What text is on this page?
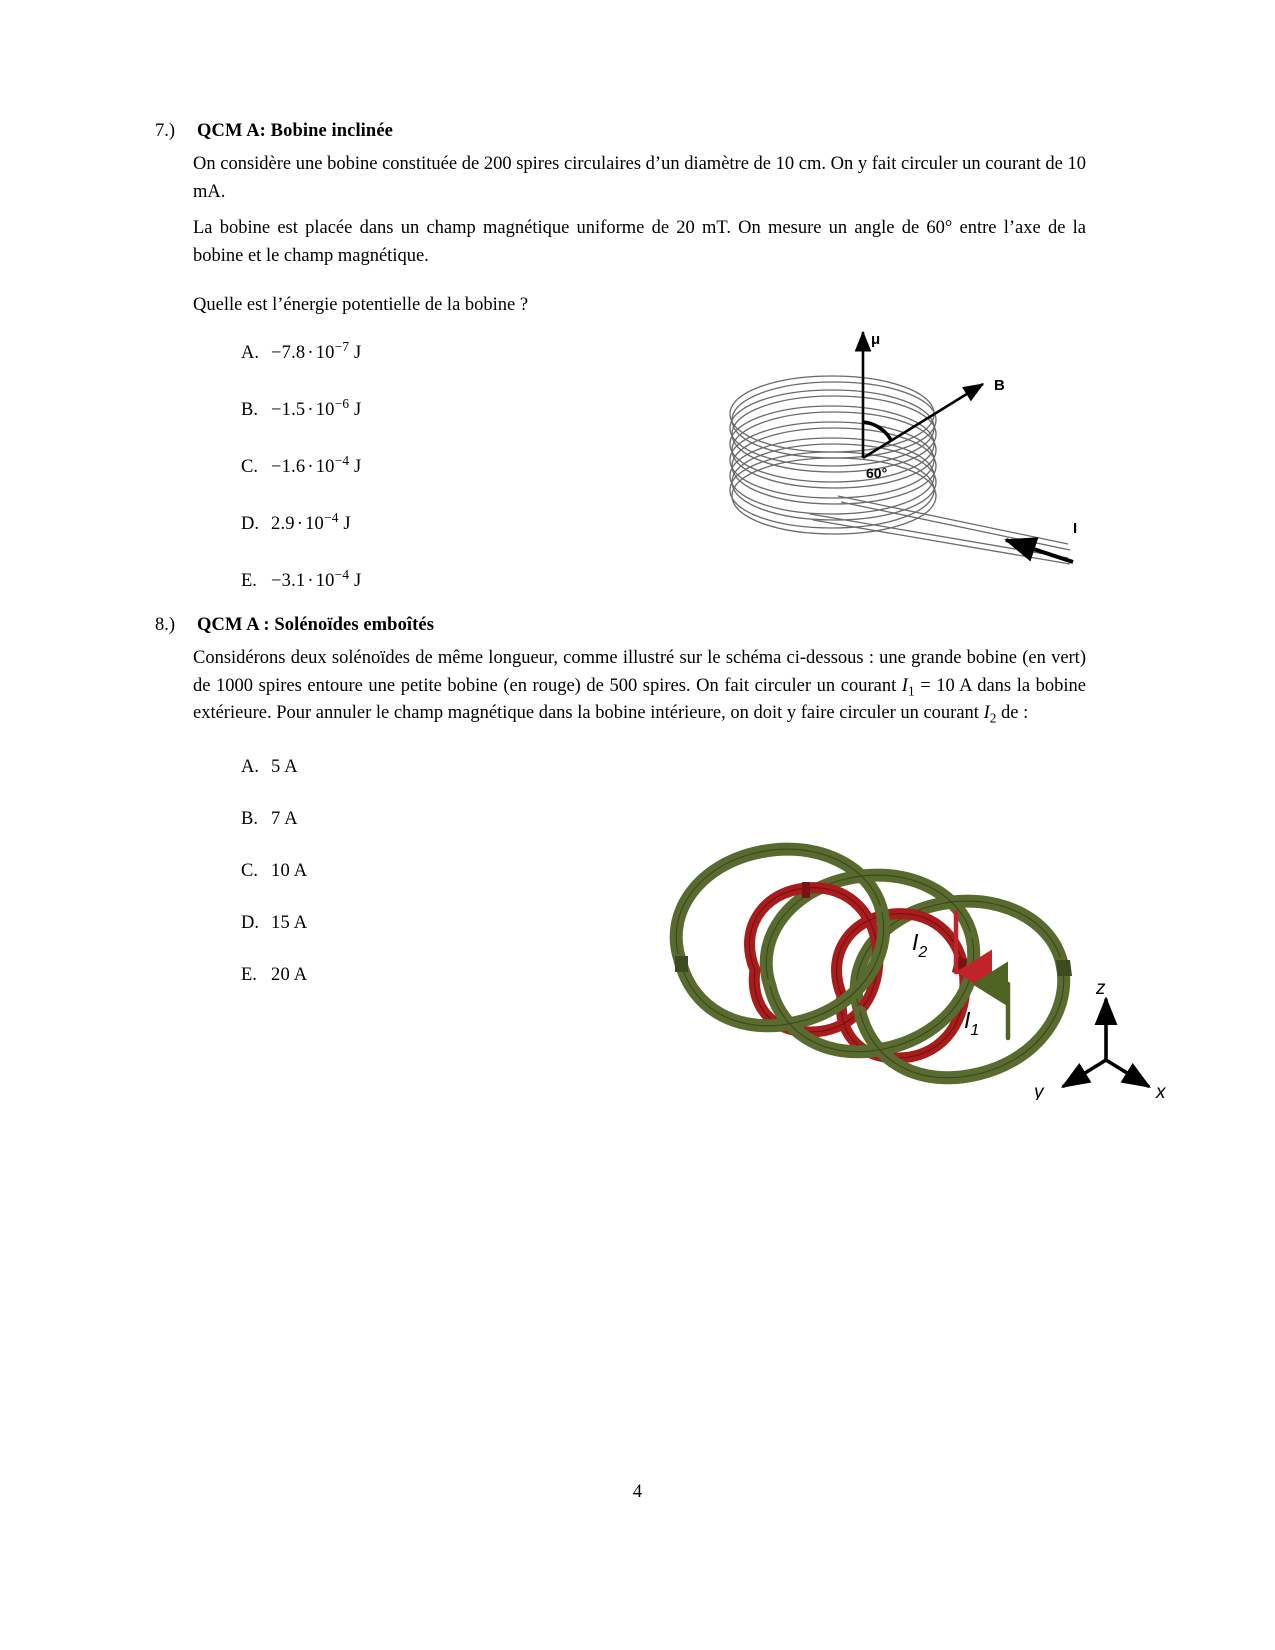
7.)	QCM A: Bobine inclinée

On considère une bobine constituée de 200 spires circulaires d’un diamètre de 10 cm. On y fait circuler un courant de 10 mA.

La bobine est placée dans un champ magnétique uniforme de 20 mT. On mesure un angle de 60° entre l’axe de la bobine et le champ magnétique.

Quelle est l’énergie potentielle de la bobine ?

A. $-7.8 \cdot 10^{-7}$ J
B. $-1.5 \cdot 10^{-6}$ J
C. $-1.6 \cdot 10^{-4}$ J
D. $2.9 \cdot 10^{-4}$ J
E. $-3.1 \cdot 10^{-4}$ J
μ
B
60°
I
8.)	QCM A : Solénoïdes emboîtés

Considérons deux solénoïdes de même longueur, comme illustré sur le schéma ci-dessous : une grande bobine (en vert) de 1000 spires entoure une petite bobine (en rouge) de 500 spires. On fait circuler un courant $I_1 = 10$ A dans la bobine extérieure. Pour annuler le champ magnétique dans la bobine intérieure, on doit y faire circuler un courant $I_2$ de :

A. 5 A
B. 7 A
C. 10 A
D. 15 A
E. 20 A
$I_2$
$I_1$
z
y	x
4
